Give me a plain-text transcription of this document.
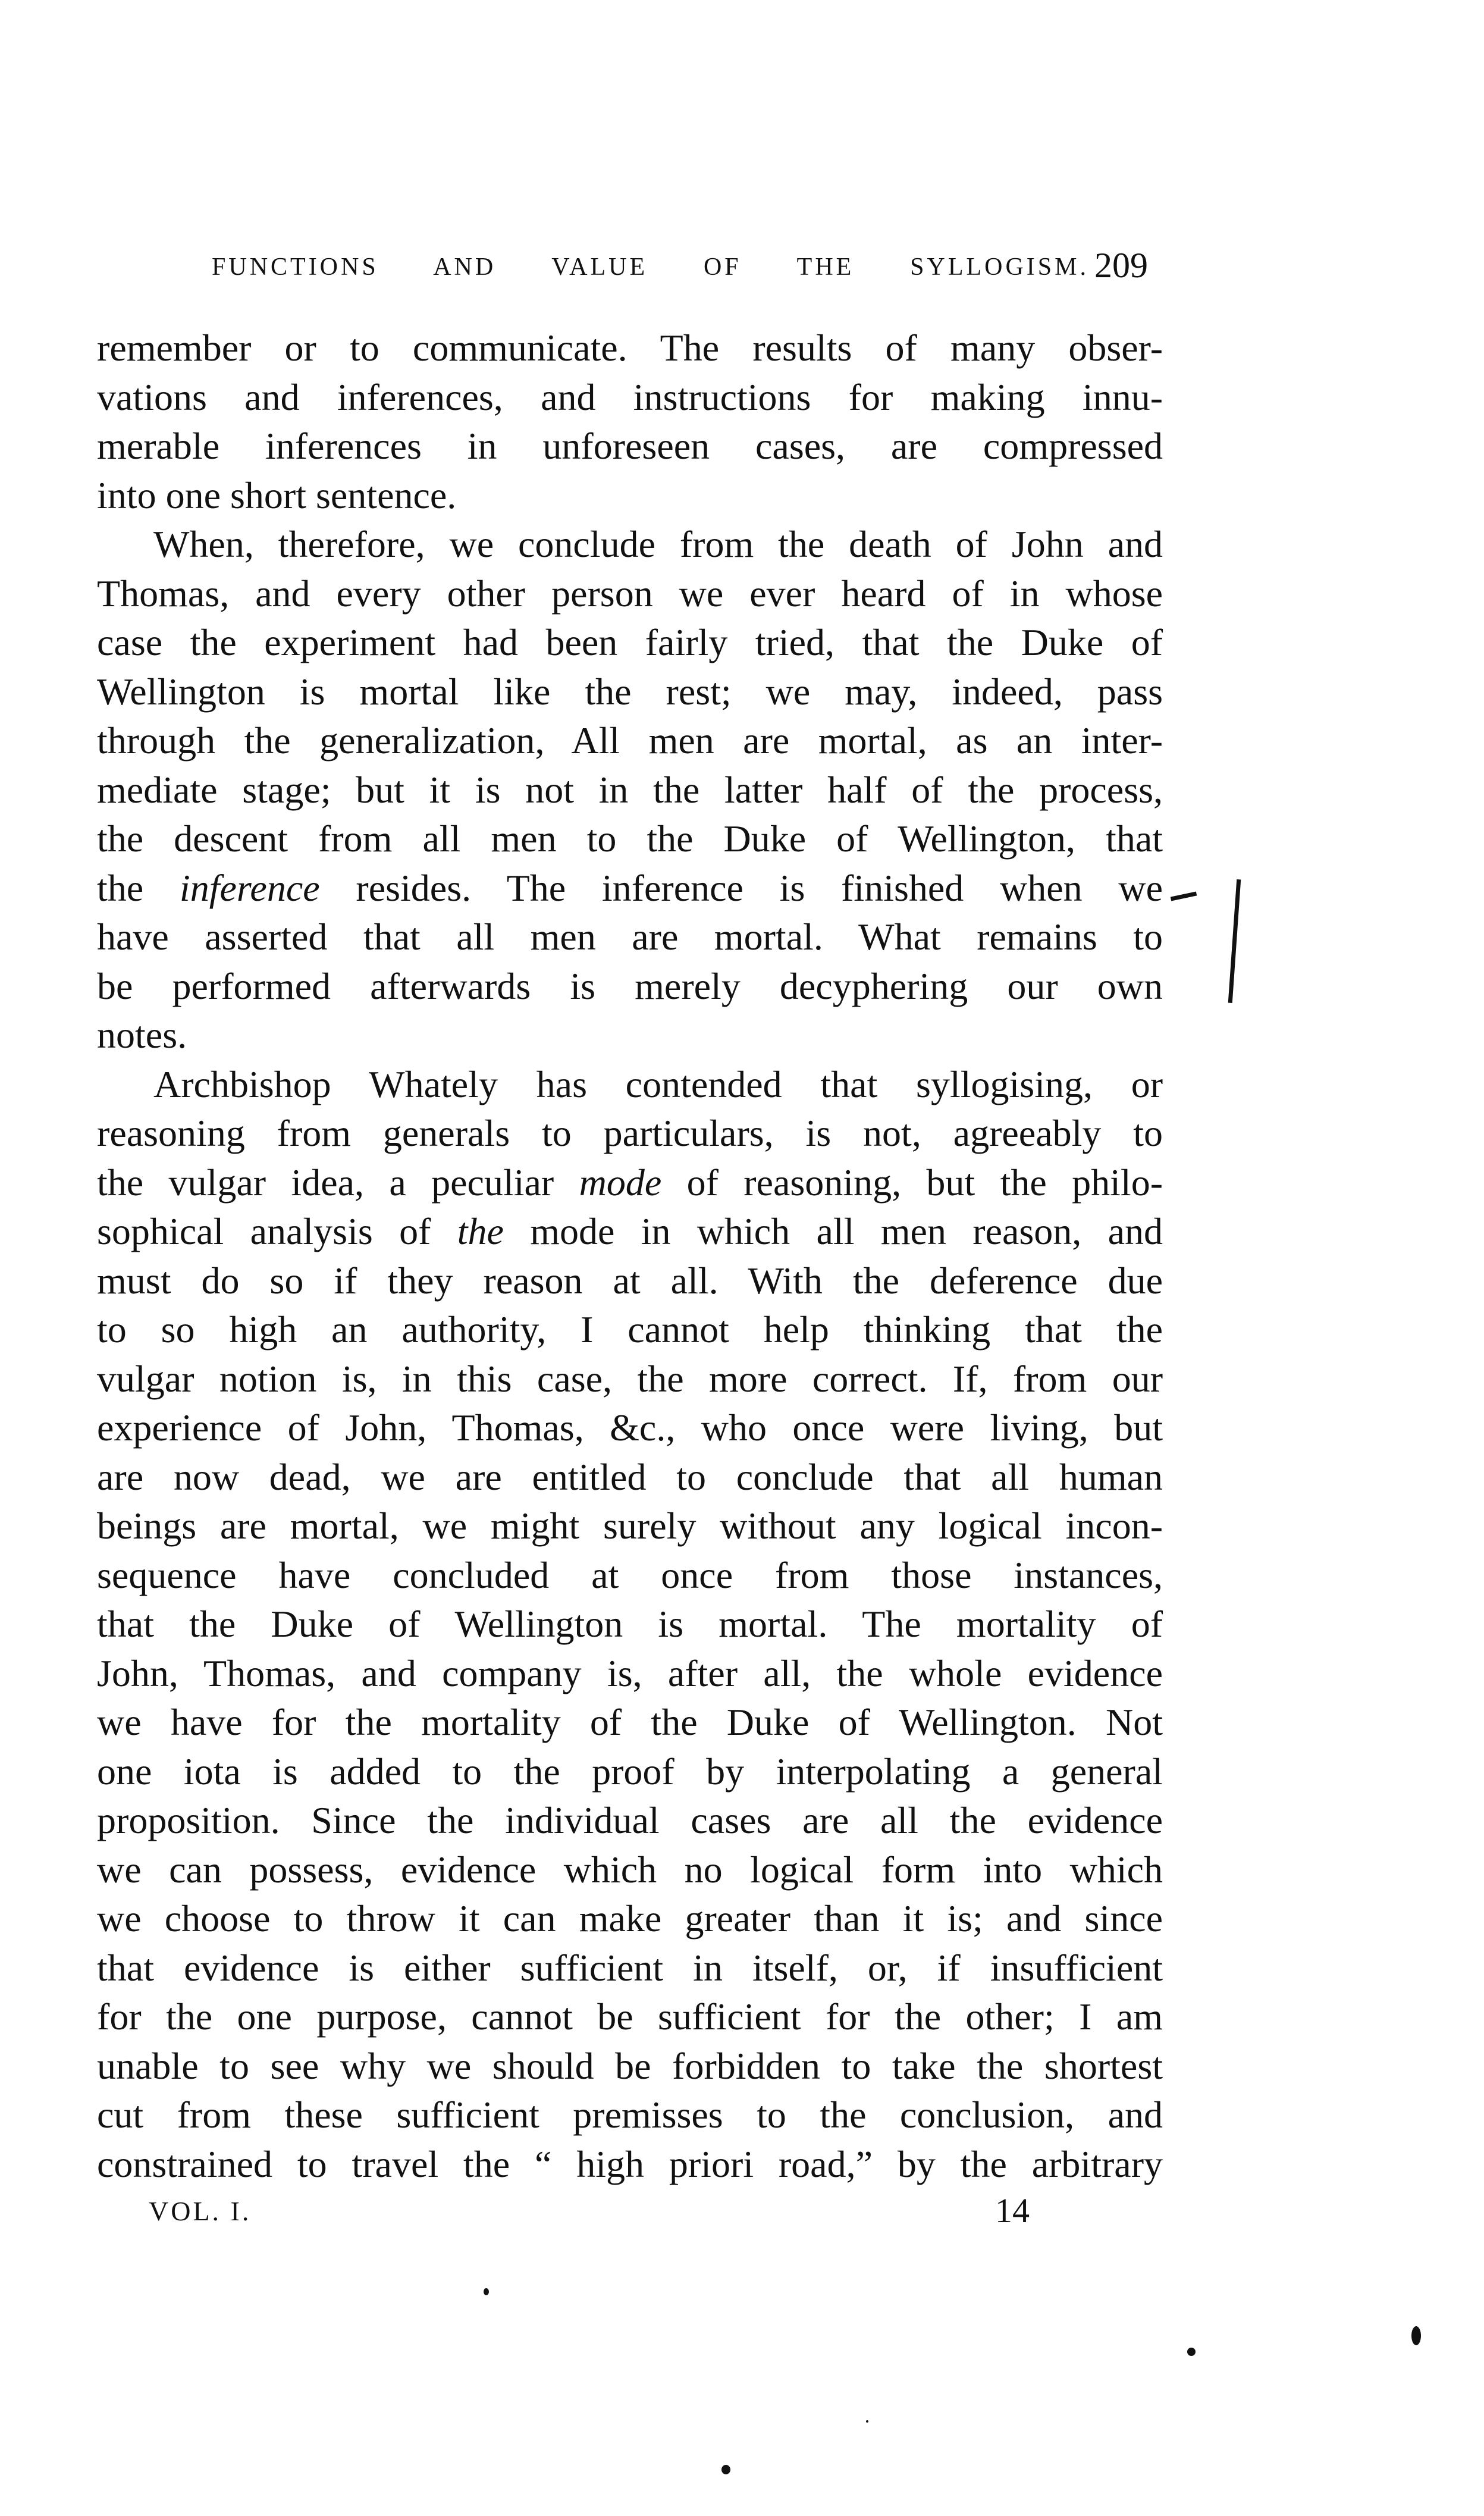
FUNCTIONS AND VALUE OF THE SYLLOGISM. 209
remember or to communicate. The results of many obser-
vations and inferences, and instructions for making innu-
merable inferences in unforeseen cases, are compressed
into one short sentence.
When, therefore, we conclude from the death of John and
Thomas, and every other person we ever heard of in whose
case the experiment had been fairly tried, that the Duke of
Wellington is mortal like the rest; we may, indeed, pass
through the generalization, All men are mortal, as an inter-
mediate stage; but it is not in the latter half of the process,
the descent from all men to the Duke of Wellington, that
the inference resides. The inference is finished when we
have asserted that all men are mortal. What remains to
be performed afterwards is merely decyphering our own
notes.
Archbishop Whately has contended that syllogising, or
reasoning from generals to particulars, is not, agreeably to
the vulgar idea, a peculiar mode of reasoning, but the philo-
sophical analysis of the mode in which all men reason, and
must do so if they reason at all. With the deference due
to so high an authority, I cannot help thinking that the
vulgar notion is, in this case, the more correct. If, from our
experience of John, Thomas, &c., who once were living, but
are now dead, we are entitled to conclude that all human
beings are mortal, we might surely without any logical incon-
sequence have concluded at once from those instances,
that the Duke of Wellington is mortal. The mortality of
John, Thomas, and company is, after all, the whole evidence
we have for the mortality of the Duke of Wellington. Not
one iota is added to the proof by interpolating a general
proposition. Since the individual cases are all the evidence
we can possess, evidence which no logical form into which
we choose to throw it can make greater than it is; and since
that evidence is either sufficient in itself, or, if insufficient
for the one purpose, cannot be sufficient for the other; I am
unable to see why we should be forbidden to take the shortest
cut from these sufficient premisses to the conclusion, and
constrained to travel the “ high priori road,” by the arbitrary
VOL. I.	14
